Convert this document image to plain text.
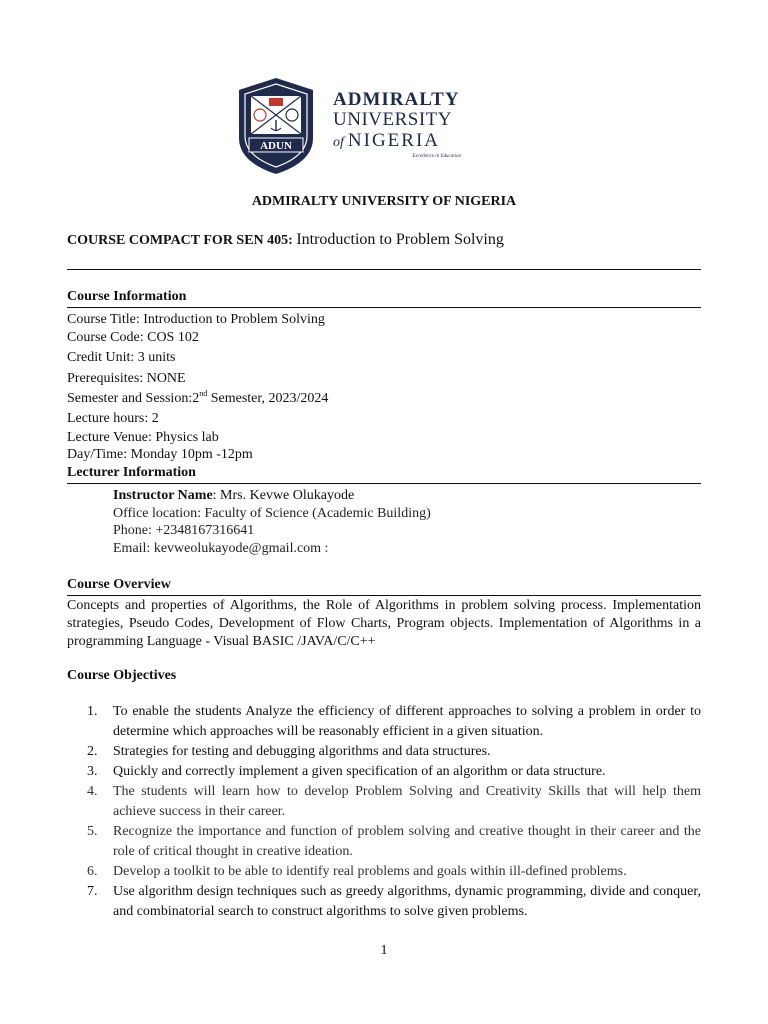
ADUN
ADMIRALTY
UNIVERSITY
of NIGERIA
Excellence in Education
ADMIRALTY UNIVERSITY OF NIGERIA
COURSE COMPACT FOR SEN 405: Introduction to Problem Solving
Course Information
Course Title: Introduction to Problem Solving
Course Code: COS 102
Credit Unit: 3 units
Prerequisites: NONE
Semester and Session:2nd Semester, 2023/2024
Lecture hours: 2
Lecture Venue: Physics lab
Day/Time: Monday 10pm -12pm
Lecturer Information
Instructor Name: Mrs. Kevwe Olukayode
Office location: Faculty of Science (Academic Building)
Phone: +2348167316641
Email: kevweolukayode@gmail.com :
Course Overview
Concepts and properties of Algorithms, the Role of Algorithms in problem solving process. Implementation strategies, Pseudo Codes, Development of Flow Charts, Program objects. Implementation of Algorithms in a programming Language - Visual BASIC /JAVA/C/C++
Course Objectives
1.	To enable the students Analyze the efficiency of different approaches to solving a problem in order to determine which approaches will be reasonably efficient in a given situation.
2.	Strategies for testing and debugging algorithms and data structures.
3.	Quickly and correctly implement a given specification of an algorithm or data structure.
4.	The students will learn how to develop Problem Solving and Creativity Skills that will help them achieve success in their career.
5.	Recognize the importance and function of problem solving and creative thought in their career and the role of critical thought in creative ideation.
6.	Develop a toolkit to be able to identify real problems and goals within ill-defined problems.
7.	Use algorithm design techniques such as greedy algorithms, dynamic programming, divide and conquer, and combinatorial search to construct algorithms to solve given problems.
1
